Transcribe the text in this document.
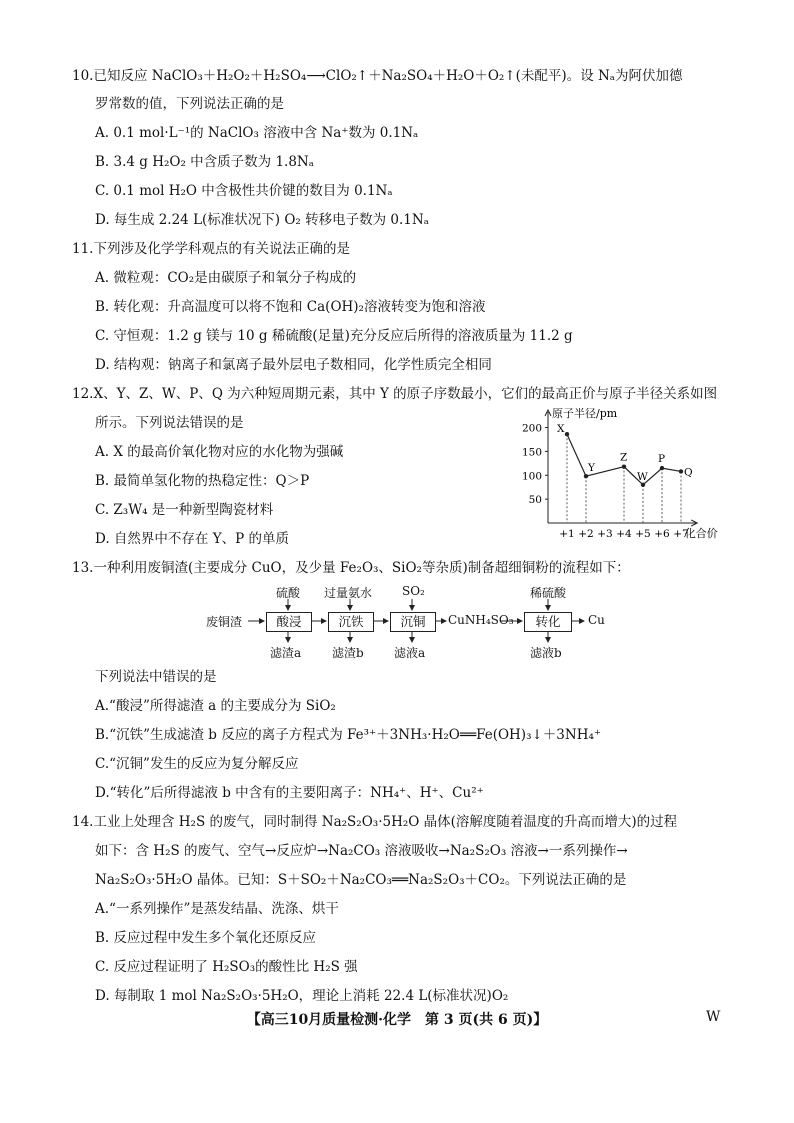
10.已知反应 NaClO₃＋H₂O₂＋H₂SO₄⟶ClO₂↑＋Na₂SO₄＋H₂O＋O₂↑(未配平)。设 Nₐ为阿伏加德
罗常数的值，下列说法正确的是
A. 0.1 mol·L⁻¹的 NaClO₃ 溶液中含 Na⁺数为 0.1Nₐ
B. 3.4 g H₂O₂ 中含质子数为 1.8Nₐ
C. 0.1 mol H₂O 中含极性共价键的数目为 0.1Nₐ
D. 每生成 2.24 L(标准状况下) O₂ 转移电子数为 0.1Nₐ
11.下列涉及化学学科观点的有关说法正确的是
A. 微粒观：CO₂是由碳原子和氧分子构成的
B. 转化观：升高温度可以将不饱和 Ca(OH)₂溶液转变为饱和溶液
C. 守恒观：1.2 g 镁与 10 g 稀硫酸(足量)充分反应后所得的溶液质量为 11.2 g
D. 结构观：钠离子和氯离子最外层电子数相同，化学性质完全相同
12.X、Y、Z、W、P、Q 为六种短周期元素，其中 Y 的原子序数最小，它们的最高正价与原子半径关系如图
所示。下列说法错误的是
A. X 的最高价氧化物对应的水化物为强碱
B. 最简单氢化物的热稳定性：Q＞P
C. Z₃W₄ 是一种新型陶瓷材料
D. 自然界中不存在 Y、P 的单质
原子半径/pm
化合价
X
Y
Z
W
P
Q
50
100
150
200
+1 +2 +3 +4 +5 +6 +7
13.一种利用废铜渣(主要成分 CuO，及少量 Fe₂O₃、SiO₂等杂质)制备超细铜粉的流程如下：
废铜渣	酸浸	沉铁	沉铜	CuNH₄SO₃	转化	Cu
硫酸 过量氨水 SO₂	稀硫酸
滤渣a	滤渣b	滤液a	滤液b
下列说法中错误的是
A.“酸浸”所得滤渣 a 的主要成分为 SiO₂
B.“沉铁”生成滤渣 b 反应的离子方程式为 Fe³⁺＋3NH₃·H₂O══Fe(OH)₃↓＋3NH₄⁺
C.“沉铜”发生的反应为复分解反应
D.“转化”后所得滤液 b 中含有的主要阳离子：NH₄⁺、H⁺、Cu²⁺
14.工业上处理含 H₂S 的废气，同时制得 Na₂S₂O₃·5H₂O 晶体(溶解度随着温度的升高而增大)的过程
如下：含 H₂S 的废气、空气→反应炉→Na₂CO₃ 溶液吸收→Na₂S₂O₃ 溶液→一系列操作→
Na₂S₂O₃·5H₂O 晶体。已知：S＋SO₂＋Na₂CO₃══Na₂S₂O₃＋CO₂。下列说法正确的是
A.“一系列操作”是蒸发结晶、洗涤、烘干
B. 反应过程中发生多个氧化还原反应
C. 反应过程证明了 H₂SO₃的酸性比 H₂S 强
D. 每制取 1 mol Na₂S₂O₃·5H₂O，理论上消耗 22.4 L(标准状况)O₂
【高三10月质量检测·化学　第 3 页(共 6 页)】	W
